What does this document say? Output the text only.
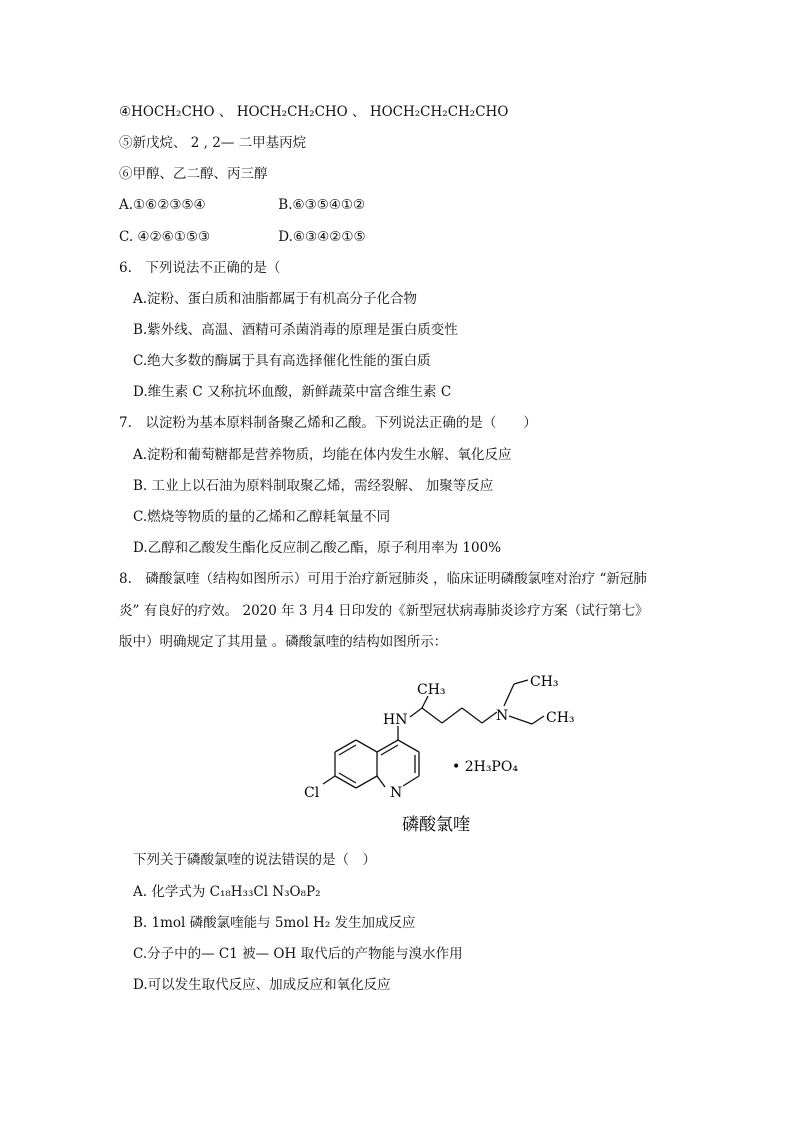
④HOCH₂CHO 、 HOCH₂CH₂CHO 、 HOCH₂CH₂CH₂CHO
⑤新戊烷、 2 , 2— 二甲基丙烷
⑥甲醇、乙二醇、丙三醇
A.①⑥②③⑤④	B.⑥③⑤④①②
C. ④②⑥①⑤③	D.⑥③④②①⑤
6.　下列说法不正确的是（
A.淀粉、蛋白质和油脂都属于有机高分子化合物
B.紫外线、高温、酒精可杀菌消毒的原理是蛋白质变性
C.绝大多数的酶属于具有高选择催化性能的蛋白质
D.维生素 C 又称抗坏血酸，新鲜蔬菜中富含维生素 C
7.　以淀粉为基本原料制备聚乙烯和乙酸。下列说法正确的是（　　）
A.淀粉和葡萄糖都是营养物质，均能在体内发生水解、氧化反应
B. 工业上以石油为原料制取聚乙烯，需经裂解、 加聚等反应
C.燃烧等物质的量的乙烯和乙醇耗氧量不同
D.乙醇和乙酸发生酯化反应制乙酸乙酯，原子利用率为 100%
8.　磷酸氯喹（结构如图所示）可用于治疗新冠肺炎 ，临床证明磷酸氯喹对治疗 “新冠肺
炎” 有良好的疗效。 2020 年 3 月4 日印发的《新型冠状病毒肺炎诊疗方案（试行第七》
版中）明确规定了其用量 。磷酸氯喹的结构如图所示：
CH₃	CH₃
CH₃
HN	N
N
Cl
• 2H₃PO₄
磷酸氯喹
下列关于磷酸氯喹的说法错误的是（　）
A. 化学式为 C₁₈H₃₃Cl N₃O₈P₂
B. 1mol 磷酸氯喹能与 5mol H₂ 发生加成反应
C.分子中的— C1 被— OH 取代后的产物能与溴水作用
D.可以发生取代反应、加成反应和氧化反应
